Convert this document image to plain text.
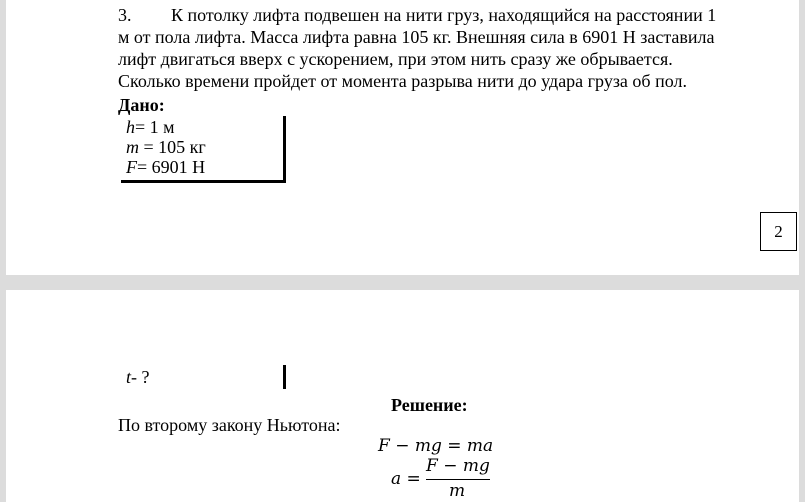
3. К потолку лифта подвешен на нити груз, находящийся на расстоянии 1
м от пола лифта. Масса лифта равна 105 кг. Внешняя сила в 6901 Н заставила
лифт двигаться вверх с ускорением, при этом нить сразу же обрывается.
Сколько времени пройдет от момента разрыва нити до удара груза об пол.
Дано:
h= 1 м
m = 105 кг
F= 6901 Н
2
t- ?
Решение:
По второму закону Ньютона:
F − mg = ma
a =
F − mg
m
